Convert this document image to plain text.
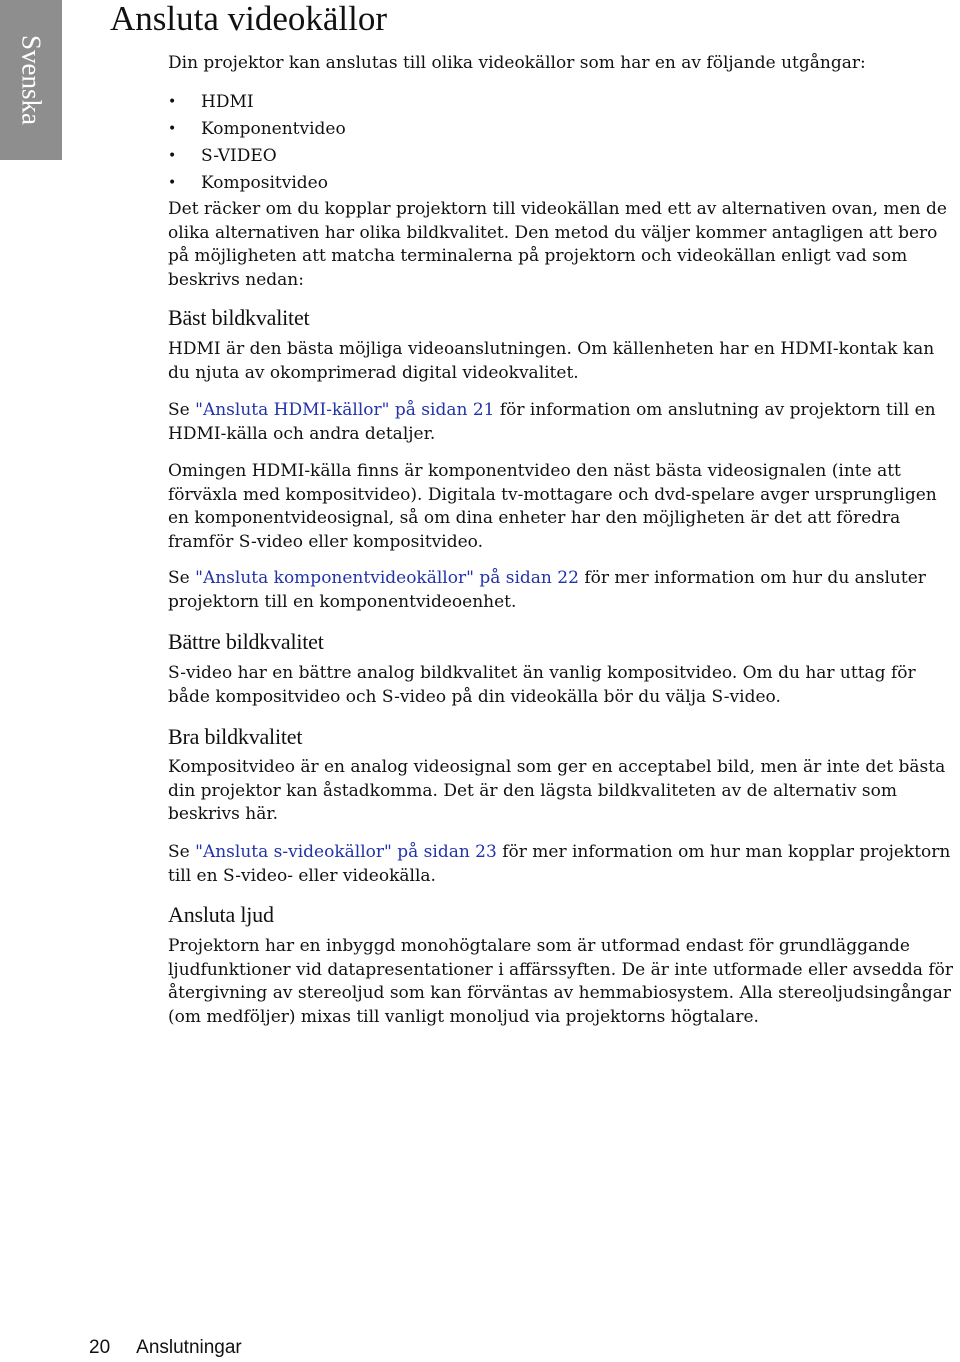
Svenska
Ansluta videokällor
Din projektor kan anslutas till olika videokällor som har en av följande utgångar:
• HDMI
• Komponentvideo
• S-VIDEO
• Kompositvideo

Det räcker om du kopplar projektorn till videokällan med ett av alternativen ovan, men de olika alternativen har olika bildkvalitet. Den metod du väljer kommer antagligen att bero på möjligheten att matcha terminalerna på projektorn och videokällan enligt vad som beskrivs nedan:

Bäst bildkvalitet

HDMI är den bästa möjliga videoanslutningen. Om källenheten har en HDMI-kontak kan du njuta av okomprimerad digital videokvalitet.

Se "Ansluta HDMI-källor" på sidan 21 för information om anslutning av projektorn till en HDMI-källa och andra detaljer.

Omingen HDMI-källa finns är komponentvideo den näst bästa videosignalen (inte att förväxla med kompositvideo). Digitala tv-mottagare och dvd-spelare avger ursprungligen en komponentvideosignal, så om dina enheter har den möjligheten är det att föredra framför S-video eller kompositvideo.

Se "Ansluta komponentvideokällor" på sidan 22 för mer information om hur du ansluter projektorn till en komponentvideoenhet.

Bättre bildkvalitet

S-video har en bättre analog bildkvalitet än vanlig kompositvideo. Om du har uttag för både kompositvideo och S-video på din videokälla bör du välja S-video.

Bra bildkvalitet

Kompositvideo är en analog videosignal som ger en acceptabel bild, men är inte det bästa din projektor kan åstadkomma. Det är den lägsta bildkvaliteten av de alternativ som beskrivs här.

Se "Ansluta s-videokällor" på sidan 23 för mer information om hur man kopplar projektorn till en S-video- eller videokälla.

Ansluta ljud

Projektorn har en inbyggd monohögtalare som är utformad endast för grundläggande ljudfunktioner vid datapresentationer i affärssyften. De är inte utformade eller avsedda för återgivning av stereoljud som kan förväntas av hemmabiosystem. Alla stereoljudsingångar (om medföljer) mixas till vanligt monoljud via projektorns högtalare.

20 Anslutningar
